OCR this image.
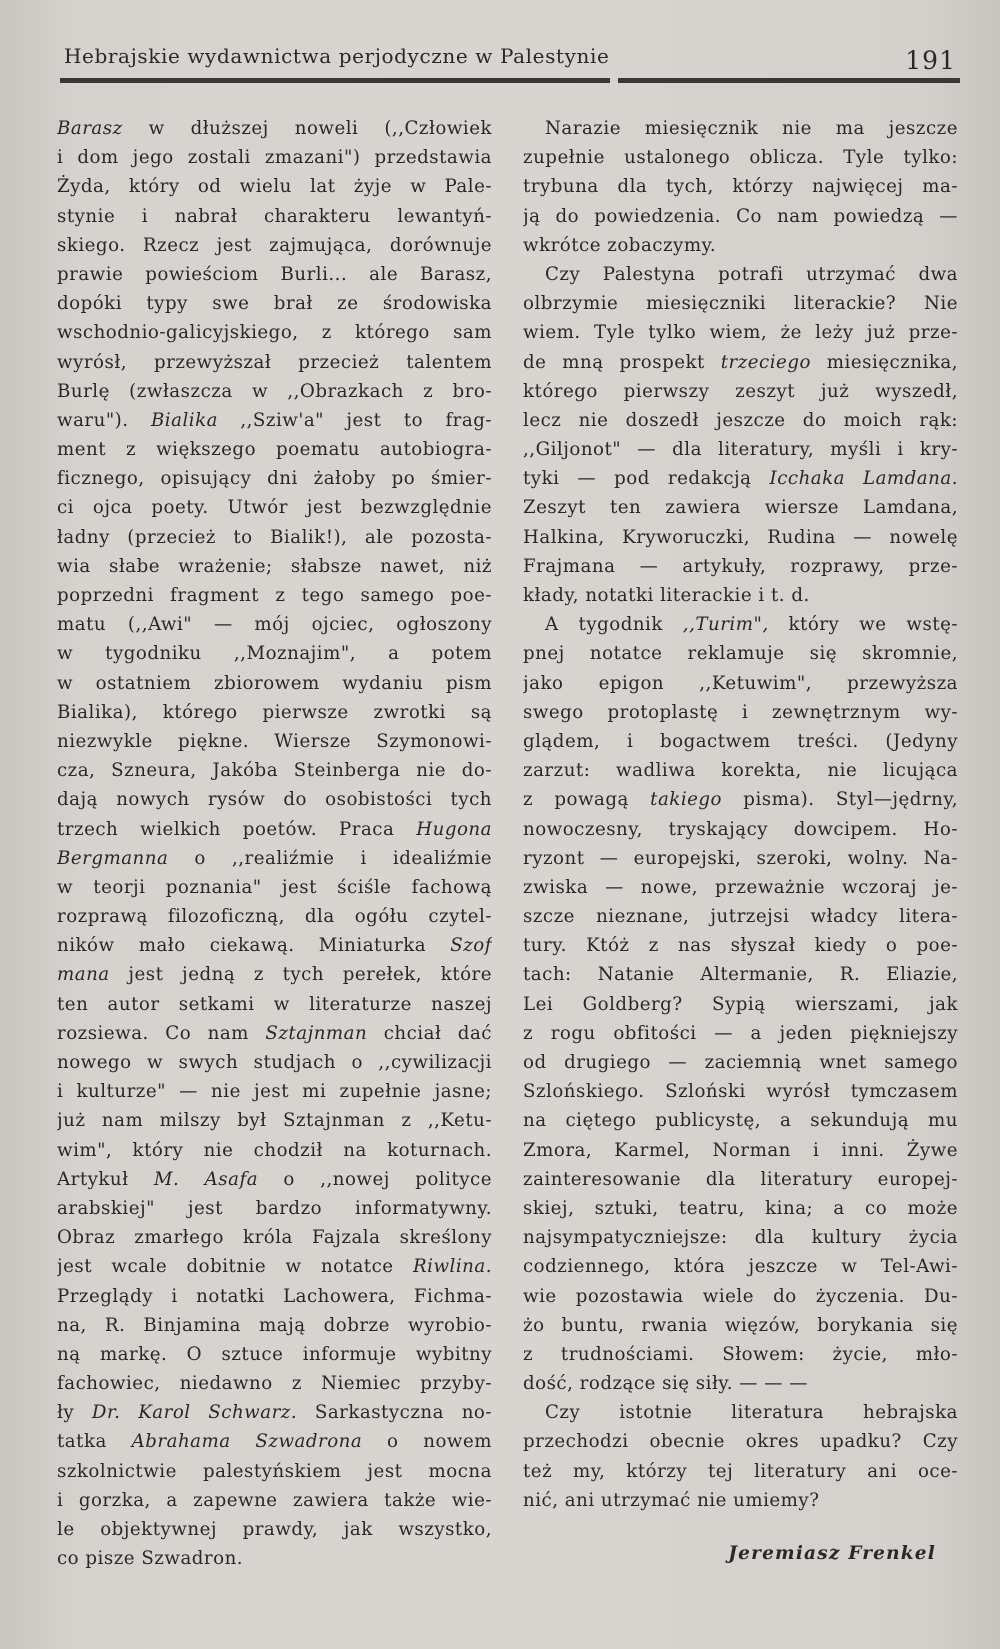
Hebrajskie wydawnictwa perjodyczne w Palestynie	191
Barasz w dłuższej noweli (,,Człowiek
i dom jego zostali zmazani") przedstawia
Żyda, który od wielu lat żyje w Pale-
stynie i nabrał charakteru lewantyń-
skiego. Rzecz jest zajmująca, dorównuje
prawie powieściom Burli... ale Barasz,
dopóki typy swe brał ze środowiska
wschodnio-galicyjskiego, z którego sam
wyrósł, przewyższał przecież talentem
Burlę (zwłaszcza w ,,Obrazkach z bro-
waru"). Bialika ,,Sziw'a" jest to frag-
ment z większego poematu autobiogra-
ficznego, opisujący dni żałoby po śmier-
ci ojca poety. Utwór jest bezwzględnie
ładny (przecież to Bialik!), ale pozosta-
wia słabe wrażenie; słabsze nawet, niż
poprzedni fragment z tego samego poe-
matu (,,Awi" — mój ojciec, ogłoszony
w tygodniku ,,Moznajim", a potem
w ostatniem zbiorowem wydaniu pism
Bialika), którego pierwsze zwrotki są
niezwykle piękne. Wiersze Szymonowi-
cza, Szneura, Jakóba Steinberga nie do-
dają nowych rysów do osobistości tych
trzech wielkich poetów. Praca Hugona
Bergmanna o ,,realiźmie i idealiźmie
w teorji poznania" jest ściśle fachową
rozprawą filozoficzną, dla ogółu czytel-
ników mało ciekawą. Miniaturka Szof
mana jest jedną z tych perełek, które
ten autor setkami w literaturze naszej
rozsiewa. Co nam Sztajnman chciał dać
nowego w swych studjach o ,,cywilizacji
i kulturze" — nie jest mi zupełnie jasne;
już nam milszy był Sztajnman z ,,Ketu-
wim", który nie chodził na koturnach.
Artykuł M. Asafa o ,,nowej polityce
arabskiej" jest bardzo informatywny.
Obraz zmarłego króla Fajzala skreślony
jest wcale dobitnie w notatce Riwlina.
Przeglądy i notatki Lachowera, Fichma-
na, R. Binjamina mają dobrze wyrobio-
ną markę. O sztuce informuje wybitny
fachowiec, niedawno z Niemiec przyby-
ły Dr. Karol Schwarz. Sarkastyczna no-
tatka Abrahama Szwadrona o nowem
szkolnictwie palestyńskiem jest mocna
i gorzka, a zapewne zawiera także wie-
le objektywnej prawdy, jak wszystko,
co pisze Szwadron.
Narazie miesięcznik nie ma jeszcze
zupełnie ustalonego oblicza. Tyle tylko:
trybuna dla tych, którzy najwięcej ma-
ją do powiedzenia. Co nam powiedzą —
wkrótce zobaczymy.
Czy Palestyna potrafi utrzymać dwa
olbrzymie miesięczniki literackie? Nie
wiem. Tyle tylko wiem, że leży już prze-
de mną prospekt trzeciego miesięcznika,
którego pierwszy zeszyt już wyszedł,
lecz nie doszedł jeszcze do moich rąk:
,,Giljonot" — dla literatury, myśli i kry-
tyki — pod redakcją Icchaka Lamdana.
Zeszyt ten zawiera wiersze Lamdana,
Halkina, Kryworuczki, Rudina — nowelę
Frajmana — artykuły, rozprawy, prze-
kłady, notatki literackie i t. d.
A tygodnik ,,Turim", który we wstę-
pnej notatce reklamuje się skromnie,
jako epigon ,,Ketuwim", przewyższa
swego protoplastę i zewnętrznym wy-
glądem, i bogactwem treści. (Jedyny
zarzut: wadliwa korekta, nie licująca
z powagą takiego pisma). Styl—jędrny,
nowoczesny, tryskający dowcipem. Ho-
ryzont — europejski, szeroki, wolny. Na-
zwiska — nowe, przeważnie wczoraj je-
szcze nieznane, jutrzejsi władcy litera-
tury. Któż z nas słyszał kiedy o poe-
tach: Natanie Altermanie, R. Eliazie,
Lei Goldberg? Sypią wierszami, jak
z rogu obfitości — a jeden piękniejszy
od drugiego — zaciemnią wnet samego
Szlońskiego. Szloński wyrósł tymczasem
na ciętego publicystę, a sekundują mu
Zmora, Karmel, Norman i inni. Żywe
zainteresowanie dla literatury europej-
skiej, sztuki, teatru, kina; a co może
najsympatyczniejsze: dla kultury życia
codziennego, która jeszcze w Tel-Awi-
wie pozostawia wiele do życzenia. Du-
żo buntu, rwania więzów, borykania się
z trudnościami. Słowem: życie, mło-
dość, rodzące się siły. — — —
Czy istotnie literatura hebrajska
przechodzi obecnie okres upadku? Czy
też my, którzy tej literatury ani oce-
nić, ani utrzymać nie umiemy?
Jeremiasz Frenkel
